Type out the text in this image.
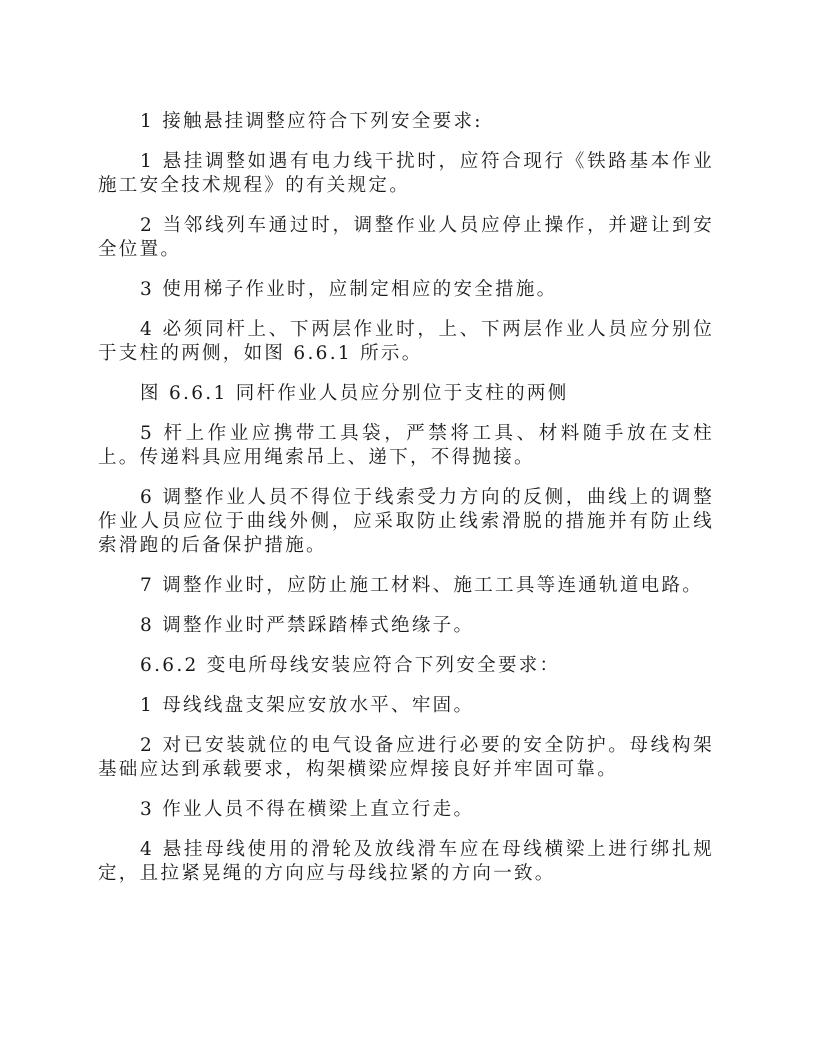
1 接触悬挂调整应符合下列安全要求:

1 悬挂调整如遇有电力线干扰时，应符合现行《铁路基本作业施工安全技术规程》的有关规定。

2 当邻线列车通过时，调整作业人员应停止操作，并避让到安全位置。

3 使用梯子作业时，应制定相应的安全措施。

4 必须同杆上、下两层作业时，上、下两层作业人员应分别位于支柱的两侧，如图 6.6.1 所示。

图 6.6.1 同杆作业人员应分别位于支柱的两侧

5 杆上作业应携带工具袋，严禁将工具、材料随手放在支柱上。传递料具应用绳索吊上、递下，不得抛接。

6 调整作业人员不得位于线索受力方向的反侧，曲线上的调整作业人员应位于曲线外侧，应采取防止线索滑脱的措施并有防止线索滑跑的后备保护措施。

7 调整作业时，应防止施工材料、施工工具等连通轨道电路。

8 调整作业时严禁踩踏棒式绝缘子。

6.6.2 变电所母线安装应符合下列安全要求：

1 母线线盘支架应安放水平、牢固。

2 对已安装就位的电气设备应进行必要的安全防护。母线构架基础应达到承载要求，构架横梁应焊接良好并牢固可靠。

3 作业人员不得在横梁上直立行走。

4 悬挂母线使用的滑轮及放线滑车应在母线横梁上进行绑扎规定，且拉紧晃绳的方向应与母线拉紧的方向一致。
